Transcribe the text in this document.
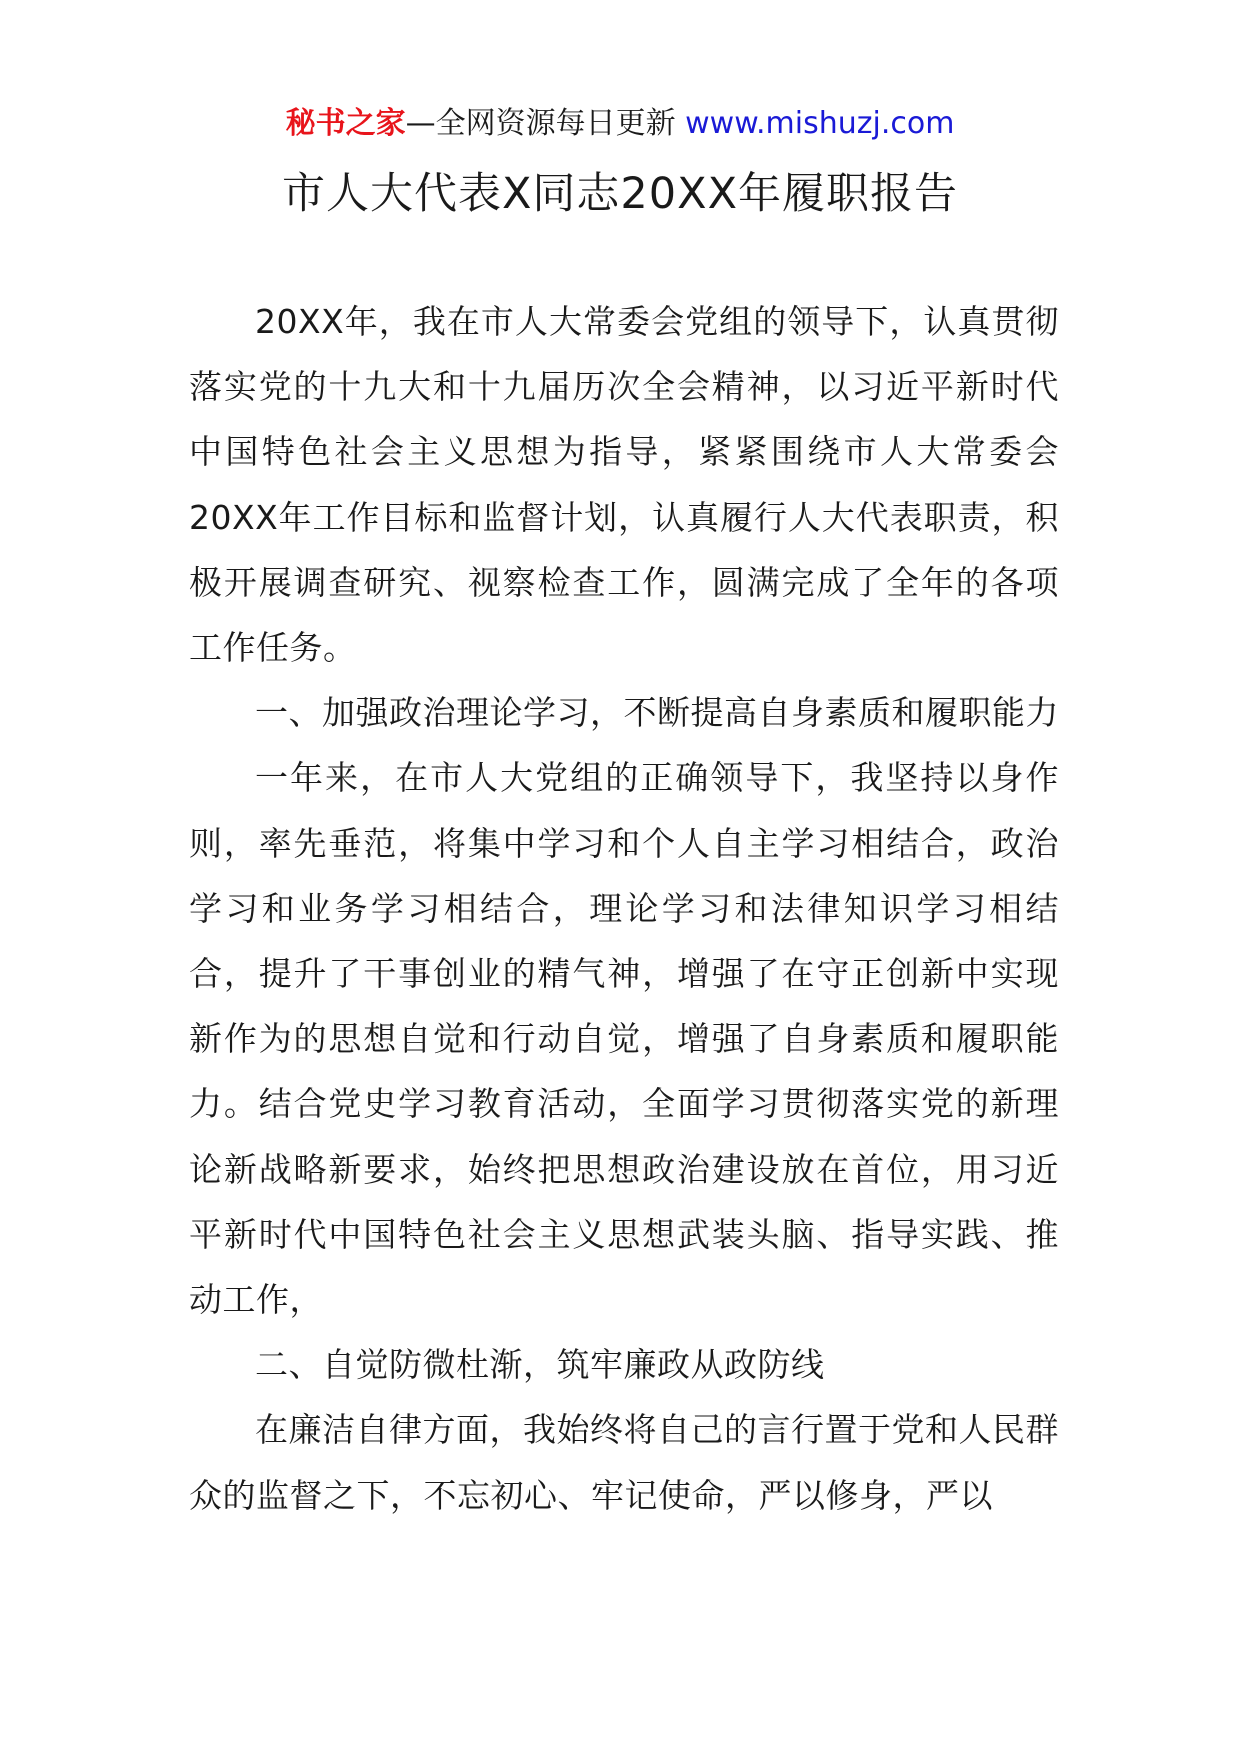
秘书之家—全网资源每日更新 www.mishuzj.com
市人大代表X同志20XX年履职报告

20XX年，我在市人大常委会党组的领导下，认真贯彻落实党的十九大和十九届历次全会精神，以习近平新时代中国特色社会主义思想为指导，紧紧围绕市人大常委会20XX年工作目标和监督计划，认真履行人大代表职责，积极开展调查研究、视察检查工作，圆满完成了全年的各项工作任务。

一、加强政治理论学习，不断提高自身素质和履职能力

一年来，在市人大党组的正确领导下，我坚持以身作则，率先垂范，将集中学习和个人自主学习相结合，政治学习和业务学习相结合，理论学习和法律知识学习相结合，提升了干事创业的精气神，增强了在守正创新中实现新作为的思想自觉和行动自觉，增强了自身素质和履职能力。结合党史学习教育活动，全面学习贯彻落实党的新理论新战略新要求，始终把思想政治建设放在首位，用习近平新时代中国特色社会主义思想武装头脑、指导实践、推动工作，

二、自觉防微杜渐，筑牢廉政从政防线

在廉洁自律方面，我始终将自己的言行置于党和人民群众的监督之下，不忘初心、牢记使命，严以修身，严以
